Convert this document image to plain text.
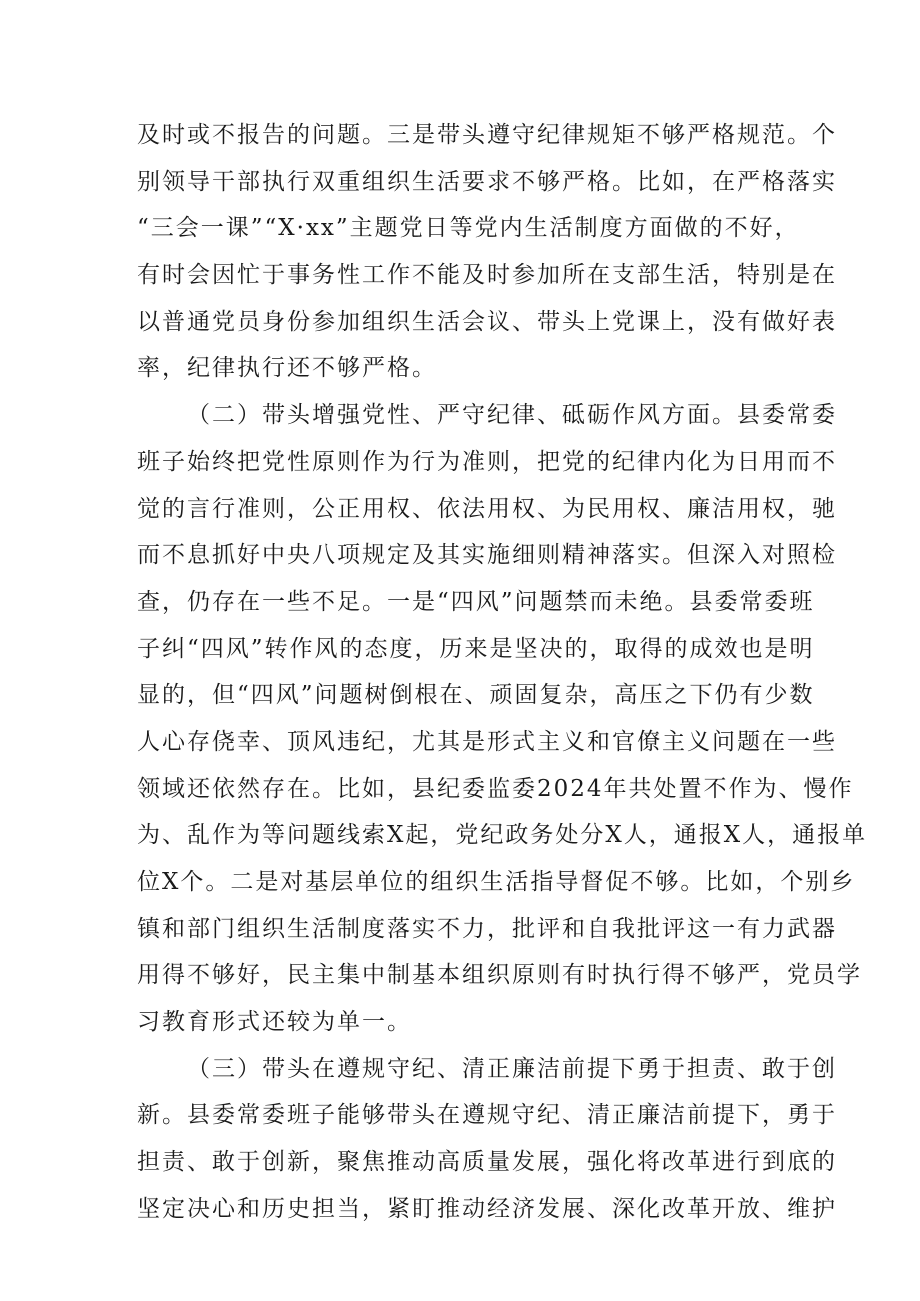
及时或不报告的问题。三是带头遵守纪律规矩不够严格规范。个
别领导干部执行双重组织生活要求不够严格。比如，在严格落实
“三会一课”“X·xx”主题党日等党内生活制度方面做的不好，
有时会因忙于事务性工作不能及时参加所在支部生活，特别是在
以普通党员身份参加组织生活会议、带头上党课上，没有做好表
率，纪律执行还不够严格。
（二）带头增强党性、严守纪律、砥砺作风方面。县委常委
班子始终把党性原则作为行为准则，把党的纪律内化为日用而不
觉的言行准则，公正用权、依法用权、为民用权、廉洁用权，驰
而不息抓好中央八项规定及其实施细则精神落实。但深入对照检
查，仍存在一些不足。一是“四风”问题禁而未绝。县委常委班
子纠“四风”转作风的态度，历来是坚决的，取得的成效也是明
显的，但“四风”问题树倒根在、顽固复杂，高压之下仍有少数
人心存侥幸、顶风违纪，尤其是形式主义和官僚主义问题在一些
领域还依然存在。比如，县纪委监委2024年共处置不作为、慢作
为、乱作为等问题线索X起，党纪政务处分X人，通报X人，通报单
位X个。二是对基层单位的组织生活指导督促不够。比如，个别乡
镇和部门组织生活制度落实不力，批评和自我批评这一有力武器
用得不够好，民主集中制基本组织原则有时执行得不够严，党员学
习教育形式还较为单一。
（三）带头在遵规守纪、清正廉洁前提下勇于担责、敢于创
新。县委常委班子能够带头在遵规守纪、清正廉洁前提下，勇于
担责、敢于创新，聚焦推动高质量发展，强化将改革进行到底的
坚定决心和历史担当，紧盯推动经济发展、深化改革开放、维护
